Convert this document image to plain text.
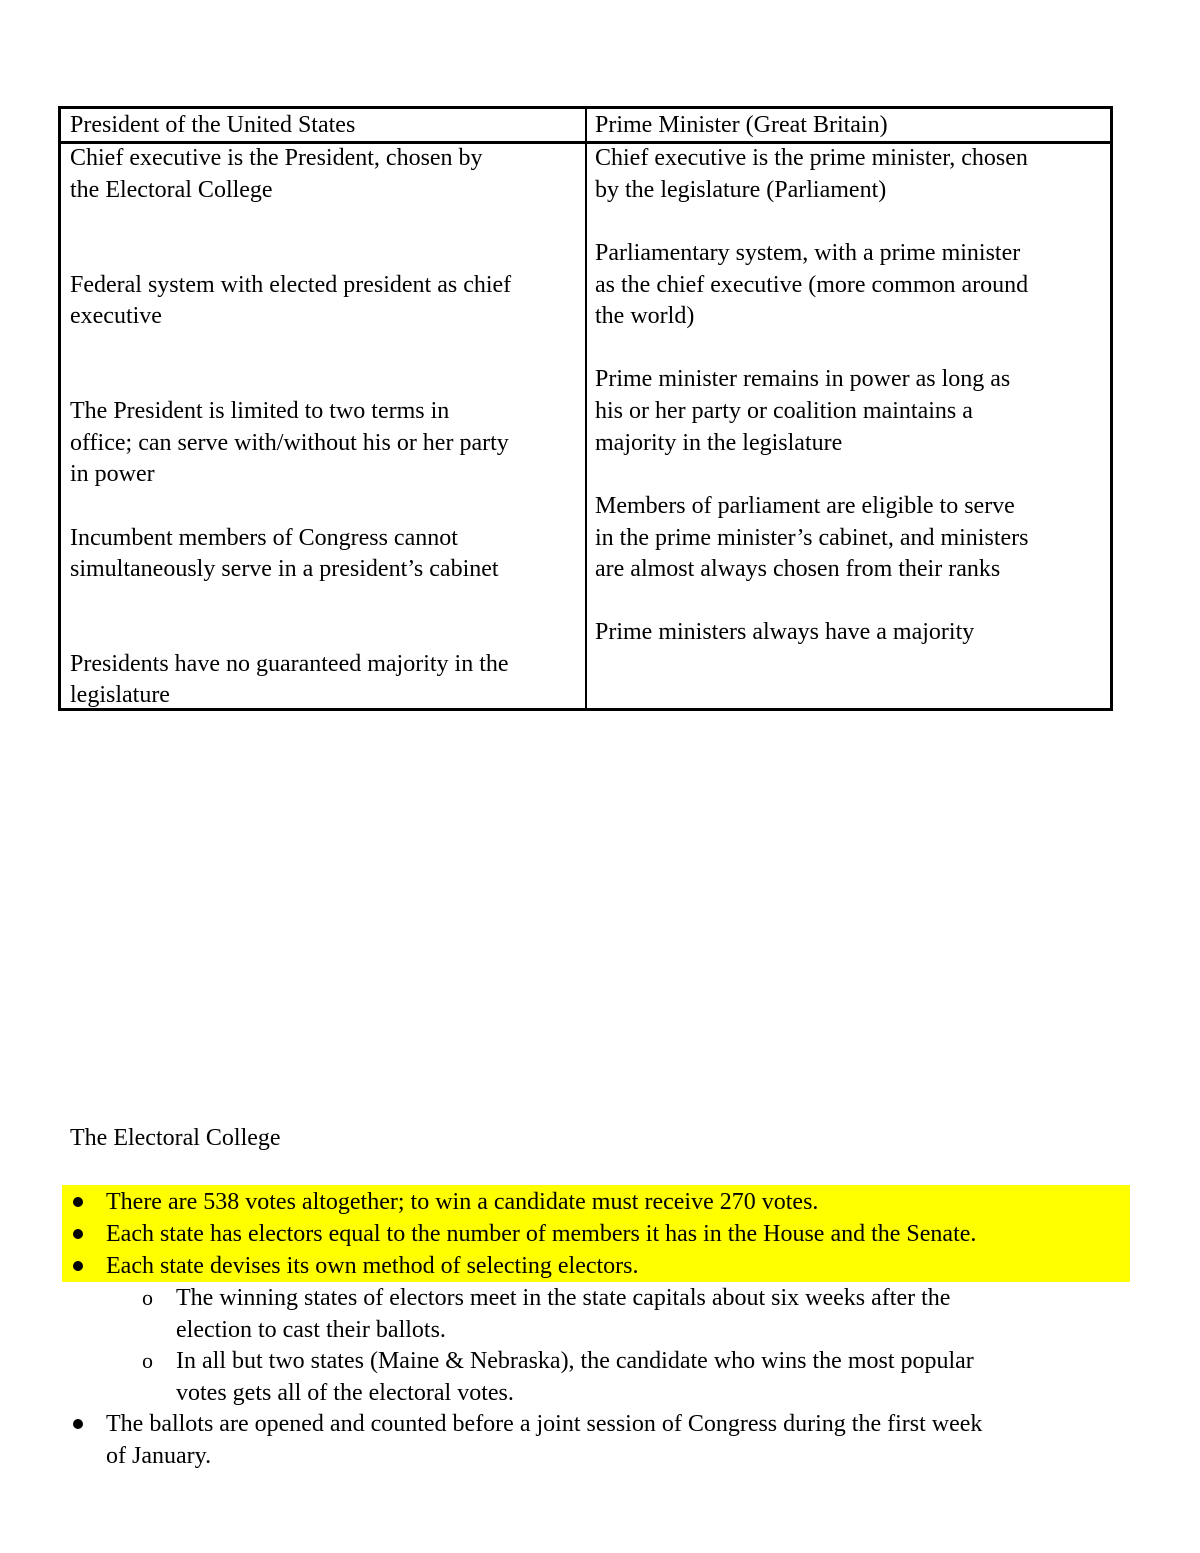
President of the United States	Prime Minister (Great Britain)
Chief executive is the President, chosen by
the Electoral College
Federal system with elected president as chief
executive
The President is limited to two terms in
office; can serve with/without his or her party
in power
Incumbent members of Congress cannot
simultaneously serve in a president’s cabinet
Presidents have no guaranteed majority in the
legislature
Chief executive is the prime minister, chosen
by the legislature (Parliament)
Parliamentary system, with a prime minister
as the chief executive (more common around
the world)
Prime minister remains in power as long as
his or her party or coalition maintains a
majority in the legislature
Members of parliament are eligible to serve
in the prime minister’s cabinet, and ministers
are almost always chosen from their ranks
Prime ministers always have a majority
The Electoral College
There are 538 votes altogether; to win a candidate must receive 270 votes.
Each state has electors equal to the number of members it has in the House and the Senate.
Each state devises its own method of selecting electors.
o The winning states of electors meet in the state capitals about six weeks after the
election to cast their ballots.
o In all but two states (Maine & Nebraska), the candidate who wins the most popular
votes gets all of the electoral votes.
The ballots are opened and counted before a joint session of Congress during the first week
of January.
